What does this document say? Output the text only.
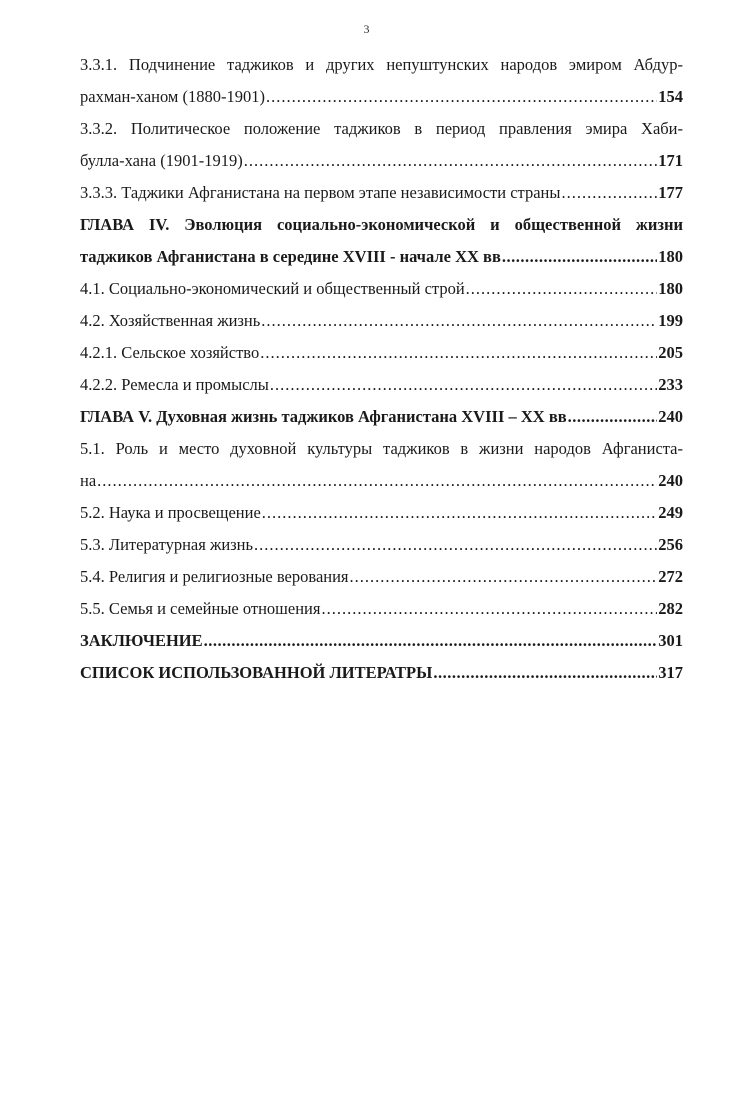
3
3.3.1. Подчинение таджиков и других непуштунских народов эмиром Абдур-
рахман-ханом (1880-1901) .....	154
3.3.2. Политическое положение таджиков в период правления эмира Хаби-
булла-хана (1901-1919) .....	171
3.3.3. Таджики Афганистана на первом этапе независимости страны .....	177
ГЛАВА IV. Эволюция социально-экономической и общественной жизни
таджиков Афганистана в середине XVIII - начале XX вв .....	180
4.1. Социально-экономический и общественный строй .....	180
4.2. Хозяйственная жизнь .....	199
4.2.1. Сельское хозяйство .....	205
4.2.2. Ремесла и промыслы .....	233
ГЛАВА V. Духовная жизнь таджиков Афганистана XVIII – XX вв .....	240
5.1. Роль и место духовной культуры таджиков в жизни народов Афганиста-
на .....	240
5.2. Наука и просвещение .....	249
5.3. Литературная жизнь .....	256
5.4. Религия и религиозные верования .....	272
5.5. Семья и семейные отношения .....	282
ЗАКЛЮЧЕНИЕ .....	301
СПИСОК ИСПОЛЬЗОВАННОЙ ЛИТЕРАТРЫ .....	317
